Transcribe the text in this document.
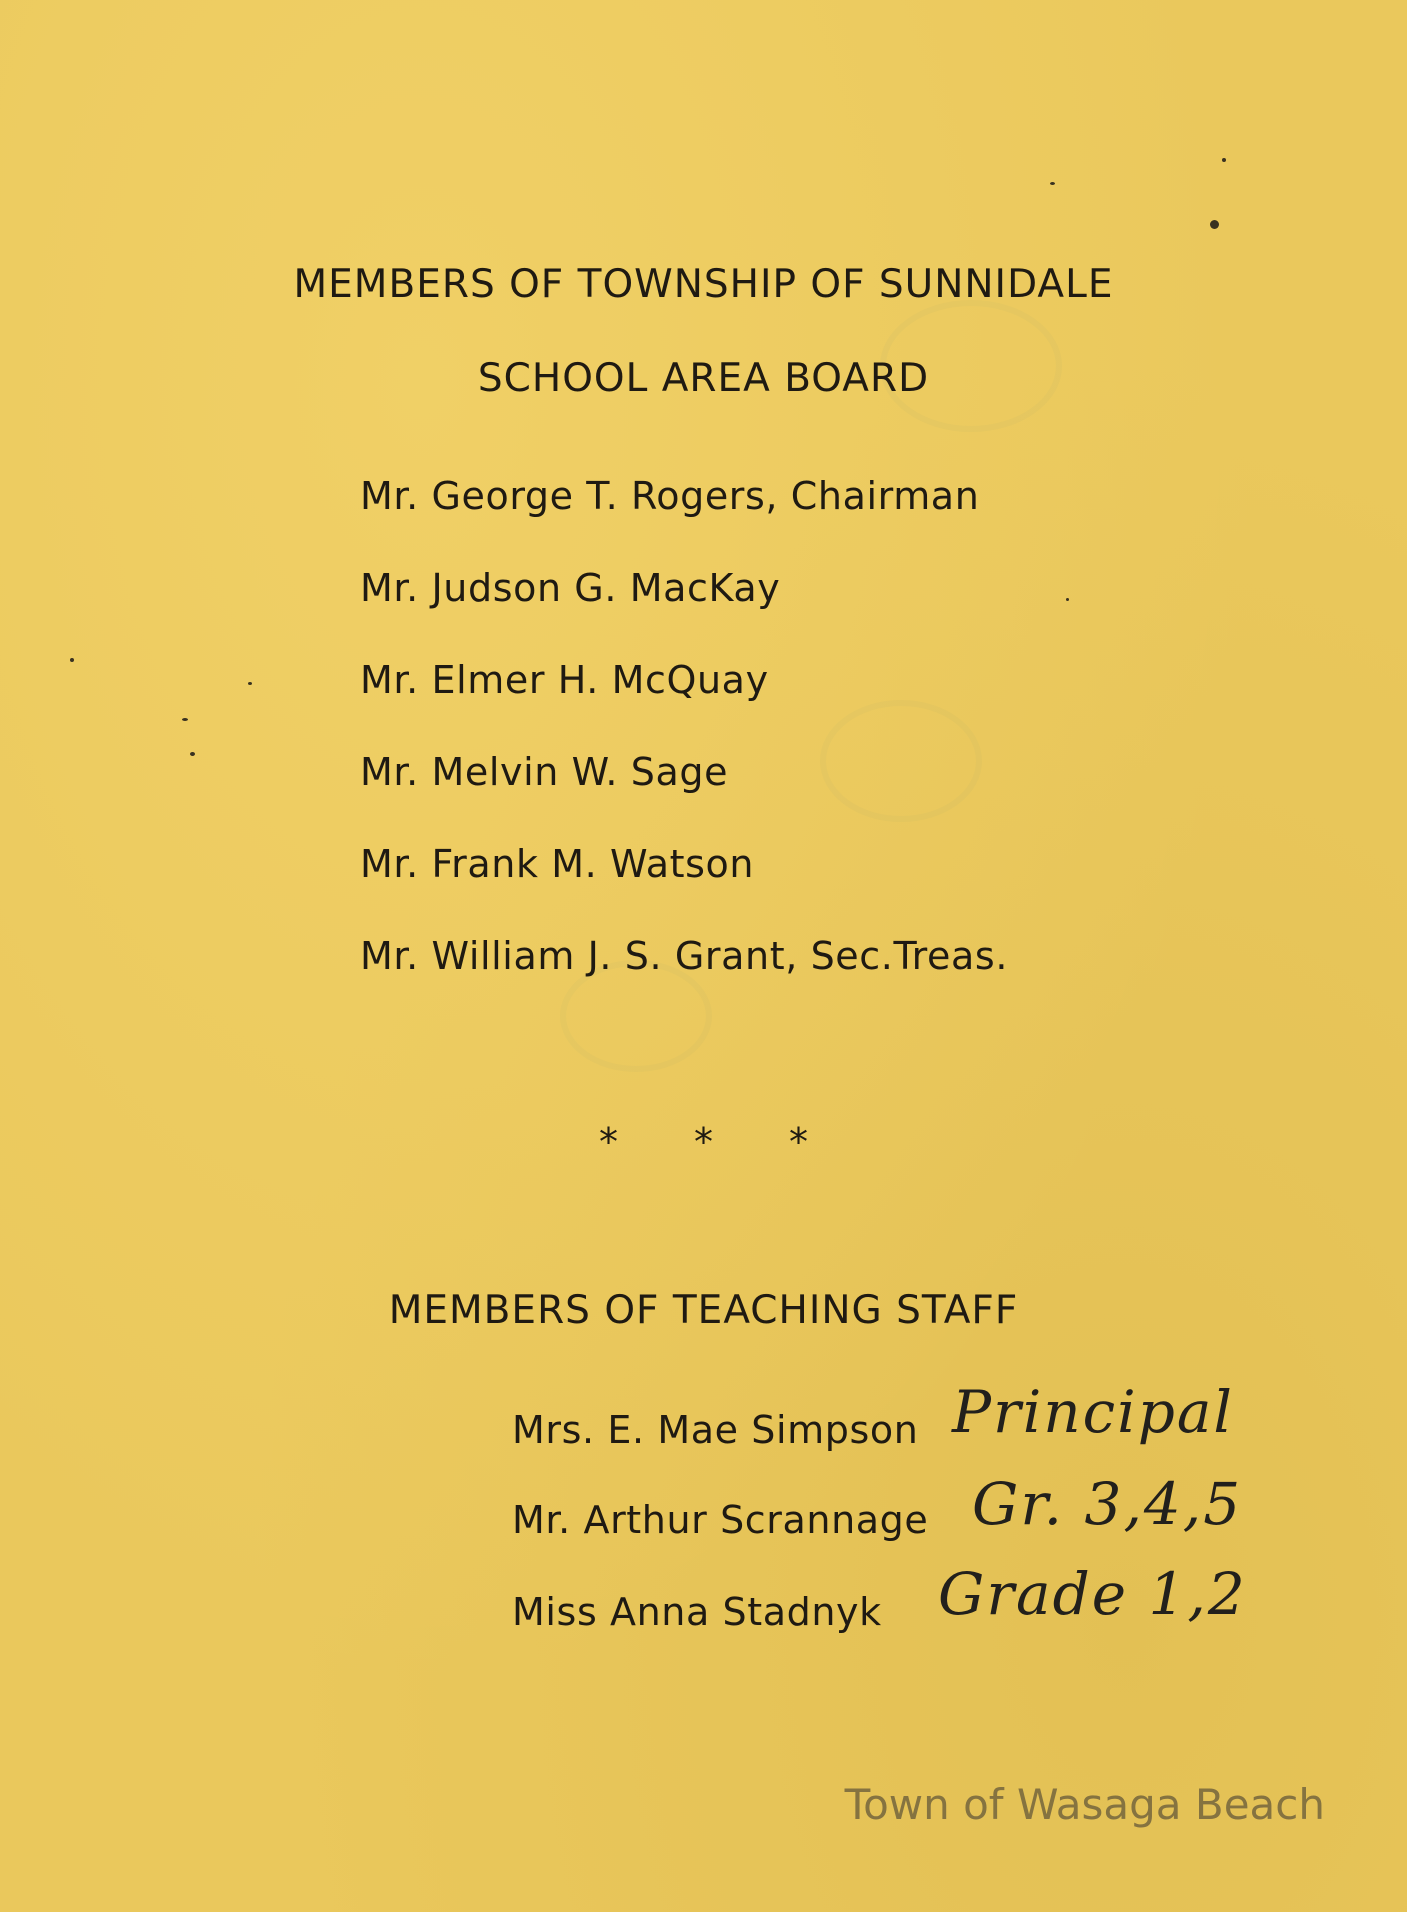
MEMBERS OF TOWNSHIP OF SUNNIDALE
SCHOOL AREA BOARD
Mr. George T. Rogers, Chairman
Mr. Judson G. MacKay
Mr. Elmer H. McQuay
Mr. Melvin W. Sage
Mr. Frank M. Watson
Mr. William J. S. Grant, Sec.Treas.
* * *
MEMBERS OF TEACHING STAFF
Mrs. E. Mae Simpson Principal
Mr. Arthur Scrannage Gr. 3,4,5
Miss Anna Stadnyk Grade 1,2
Town of Wasaga Beach
